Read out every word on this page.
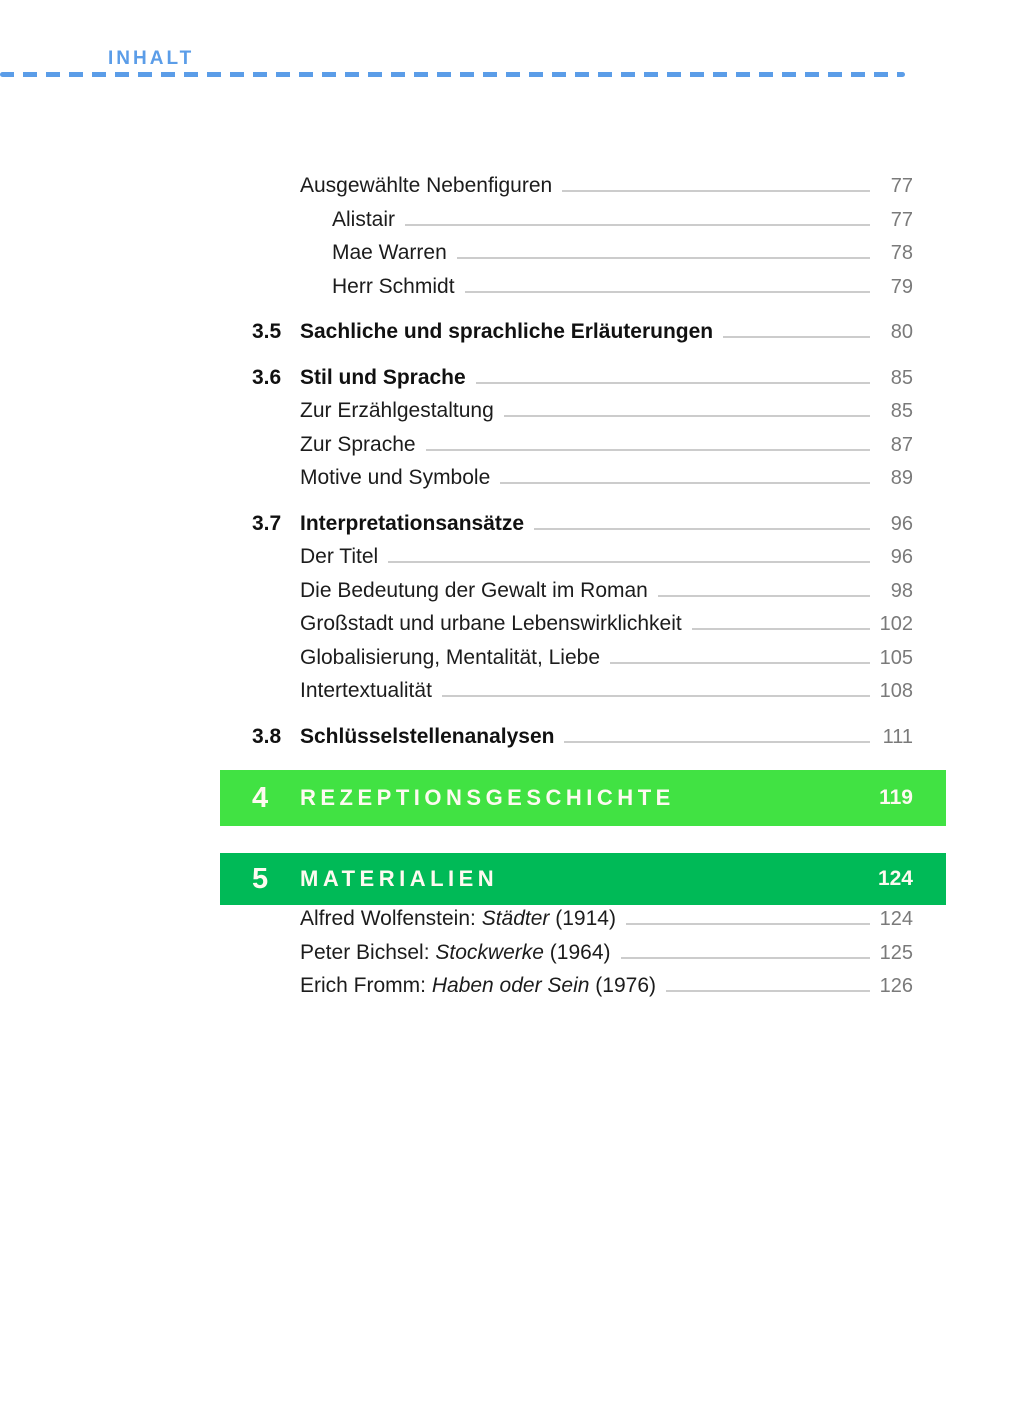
INHALT
Ausgewählte Nebenfiguren	77
Alistair	77
Mae Warren	78
Herr Schmidt	79
3.5 Sachliche und sprachliche Erläuterungen	80
3.6 Stil und Sprache	85
Zur Erzählgestaltung	85
Zur Sprache	87
Motive und Symbole	89
3.7 Interpretationsansätze	96
Der Titel	96
Die Bedeutung der Gewalt im Roman	98
Großstadt und urbane Lebenswirklichkeit	102
Globalisierung, Mentalität, Liebe	105
Intertextualität	108
3.8 Schlüsselstellenanalysen	111
4	REZEPTIONSGESCHICHTE	119
5	MATERIALIEN	124
Alfred Wolfenstein: Städter (1914)	124
Peter Bichsel: Stockwerke (1964)	125
Erich Fromm: Haben oder Sein (1976)	126
